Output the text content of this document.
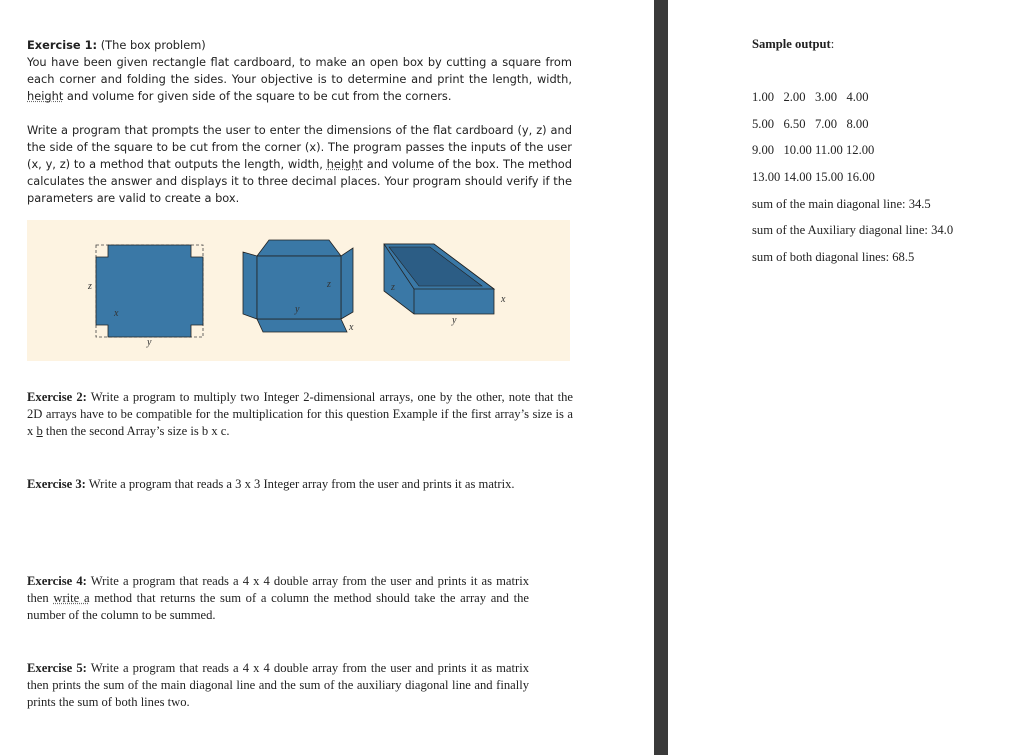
Exercise 1: (The box problem)

You have been given rectangle flat cardboard, to make an open box by cutting a square from each corner and folding the sides. Your objective is to determine and print the length, width, height and volume for given side of the square to be cut from the corners.

Write a program that prompts the user to enter the dimensions of the flat cardboard (y, z) and the side of the square to be cut from the corner (x). The program passes the inputs of the user (x, y, z) to a method that outputs the length, width, height and volume of the box. The method calculates the answer and displays it to three decimal places. Your program should verify if the parameters are valid to create a box.

z
x
y
z
y
x
z
x
y

Exercise 2: Write a program to multiply two Integer 2-dimensional arrays, one by the other, note that the 2D arrays have to be compatible for the multiplication for this question Example if the first array’s size is a x b then the second Array’s size is b x c.

Exercise 3: Write a program that reads a 3 x 3 Integer array from the user and prints it as matrix.

Exercise 4: Write a program that reads a 4 x 4 double array from the user and prints it as matrix then write a method that returns the sum of a column the method should take the array and the number of the column to be summed.

Exercise 5: Write a program that reads a 4 x 4 double array from the user and prints it as matrix then prints the sum of the main diagonal line and the sum of the auxiliary diagonal line and finally prints the sum of both lines two.

Sample output:
1.00   2.00   3.00   4.00
5.00   6.50   7.00   8.00
9.00   10.00 11.00 12.00
13.00 14.00 15.00 16.00
sum of the main diagonal line: 34.5
sum of the Auxiliary diagonal line: 34.0
sum of both diagonal lines: 68.5
